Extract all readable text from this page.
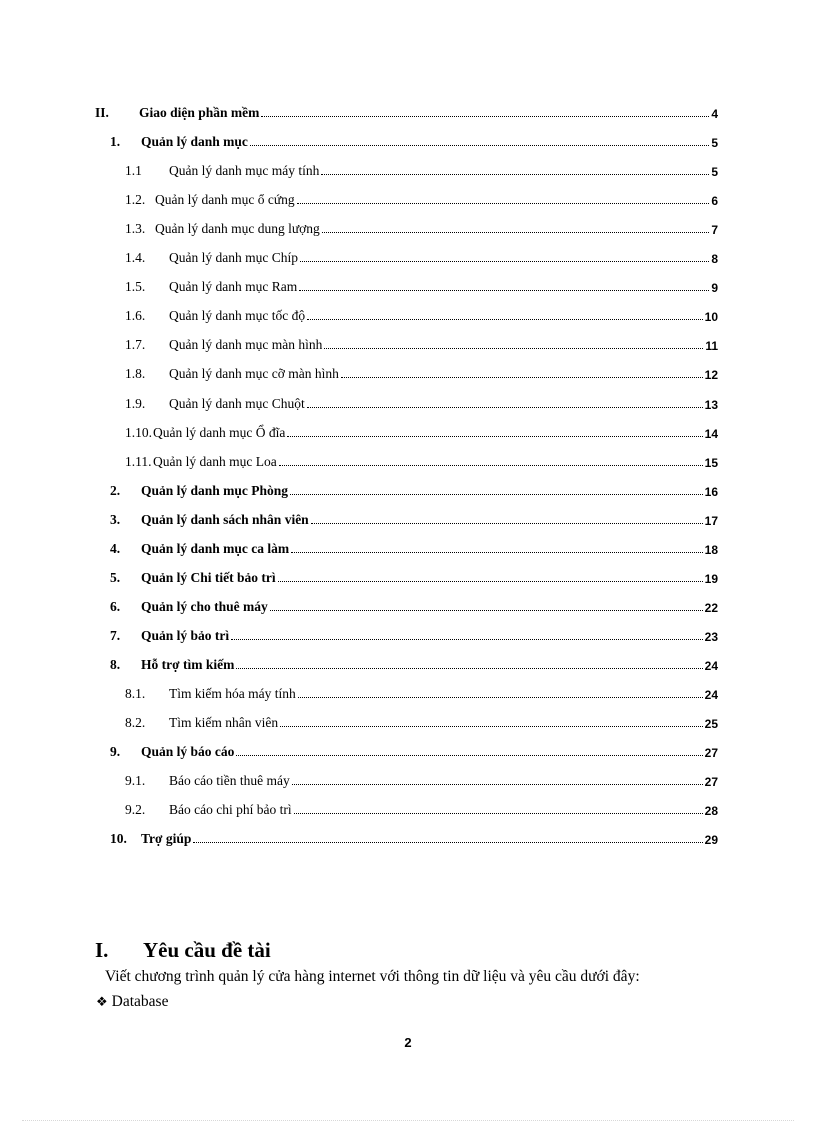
II.	Giao diện phần mềm	4
1.	Quản lý danh mục	5
1.1	Quản lý danh mục máy tính	5
1.2. Quản lý danh mục ổ cứng	6
1.3. Quản lý danh mục dung lượng	7
1.4.	Quản lý danh mục Chíp	8
1.5.	Quản lý danh mục Ram	9
1.6.	Quản lý danh mục tốc độ	10
1.7.	Quản lý danh mục màn hình	11
1.8.	Quản lý danh mục cỡ màn hình	12
1.9.	Quản lý danh mục Chuột	13
1.10. Quản lý danh mục Ổ đĩa	14
1.11. Quản lý danh mục Loa	15
2.	Quản lý danh mục Phòng	16
3.	Quản lý danh sách nhân viên	17
4.	Quản lý danh mục ca làm	18
5.	Quản lý Chi tiết bảo trì	19
6.	Quản lý cho thuê máy	22
7.	Quản lý bảo trì	23
8.	Hỗ trợ tìm kiếm	24
8.1.	Tìm kiếm hóa máy tính	24
8.2.	Tìm kiếm nhân viên	25
9.	Quản lý báo cáo	27
9.1.	Báo cáo tiền thuê máy	27
9.2.	Báo cáo chi phí bảo trì	28
10.	Trợ giúp	29
I.	Yêu cầu đề tài
Viết chương trình quản lý cửa hàng internet với thông tin dữ liệu và yêu cầu dưới đây:
❖ Database
2
